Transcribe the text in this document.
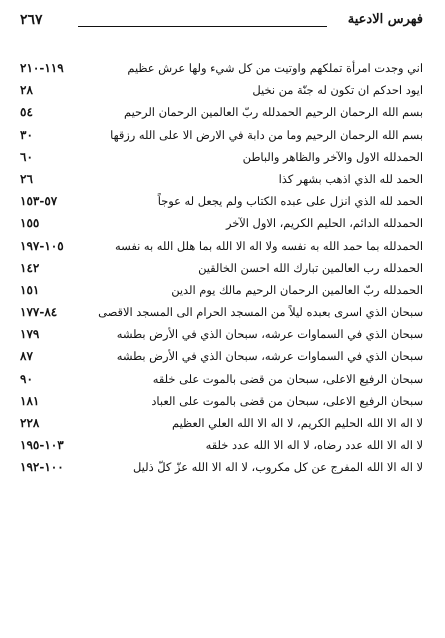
فهرس الادعية
٢٦٧
اني وجدت امرأة تملكهم واوتيت من كل شيء ولها عرش عظيم
١١٩-٢١٠
ايود احدكم ان تكون له جنّة من نخيل
٢٨
بسم الله الرحمان الرحيم الحمدلله ربّ العالمين الرحمان الرحيم
٥٤
بسم الله الرحمان الرحيم وما من دابة في الارض الا على الله رزقها
٣٠
الحمدلله الاول والآخر والظاهر والباطن
٦٠
الحمد لله الذي اذهب بشهر كذا
٢٦
الحمد لله الذي انزل على عبده الكتاب ولم يجعل له عوجاً
٥٧-١٥٣
الحمدلله الدائم، الحليم الكريم، الاول الآخر
١٥٥
الحمدلله بما حمد الله به نفسه ولا اله الا الله بما هلل الله به نفسه
١٠٥-١٩٧
الحمدلله رب العالمين تبارك الله احسن الخالقين
١٤٢
الحمدلله ربّ العالمين الرحمان الرحيم مالك يوم الدين
١٥١
سبحان الذي اسرى بعبده ليلاً من المسجد الحرام الى المسجد الاقصى
٨٤-١٧٧
سبحان الذي في السماوات عرشه، سبحان الذي في الأرض بطشه
١٧٩
سبحان الذي في السماوات عرشه، سبحان الذي في الأرض بطشه
٨٧
سبحان الرفيع الاعلى، سبحان من قضى بالموت على خلقه
٩٠
سبحان الرفيع الاعلى، سبحان من قضى بالموت على العباد
١٨١
لا اله الا الله الحليم الكريم، لا اله الا الله العلي العظيم
٢٢٨
لا اله الا الله عدد رضاه، لا اله الا الله عدد خلقه
١٠٣-١٩٥
لا اله الا الله المفرج عن كل مكروب، لا اله الا الله عزّ كلّ ذليل
١٠٠-١٩٢
